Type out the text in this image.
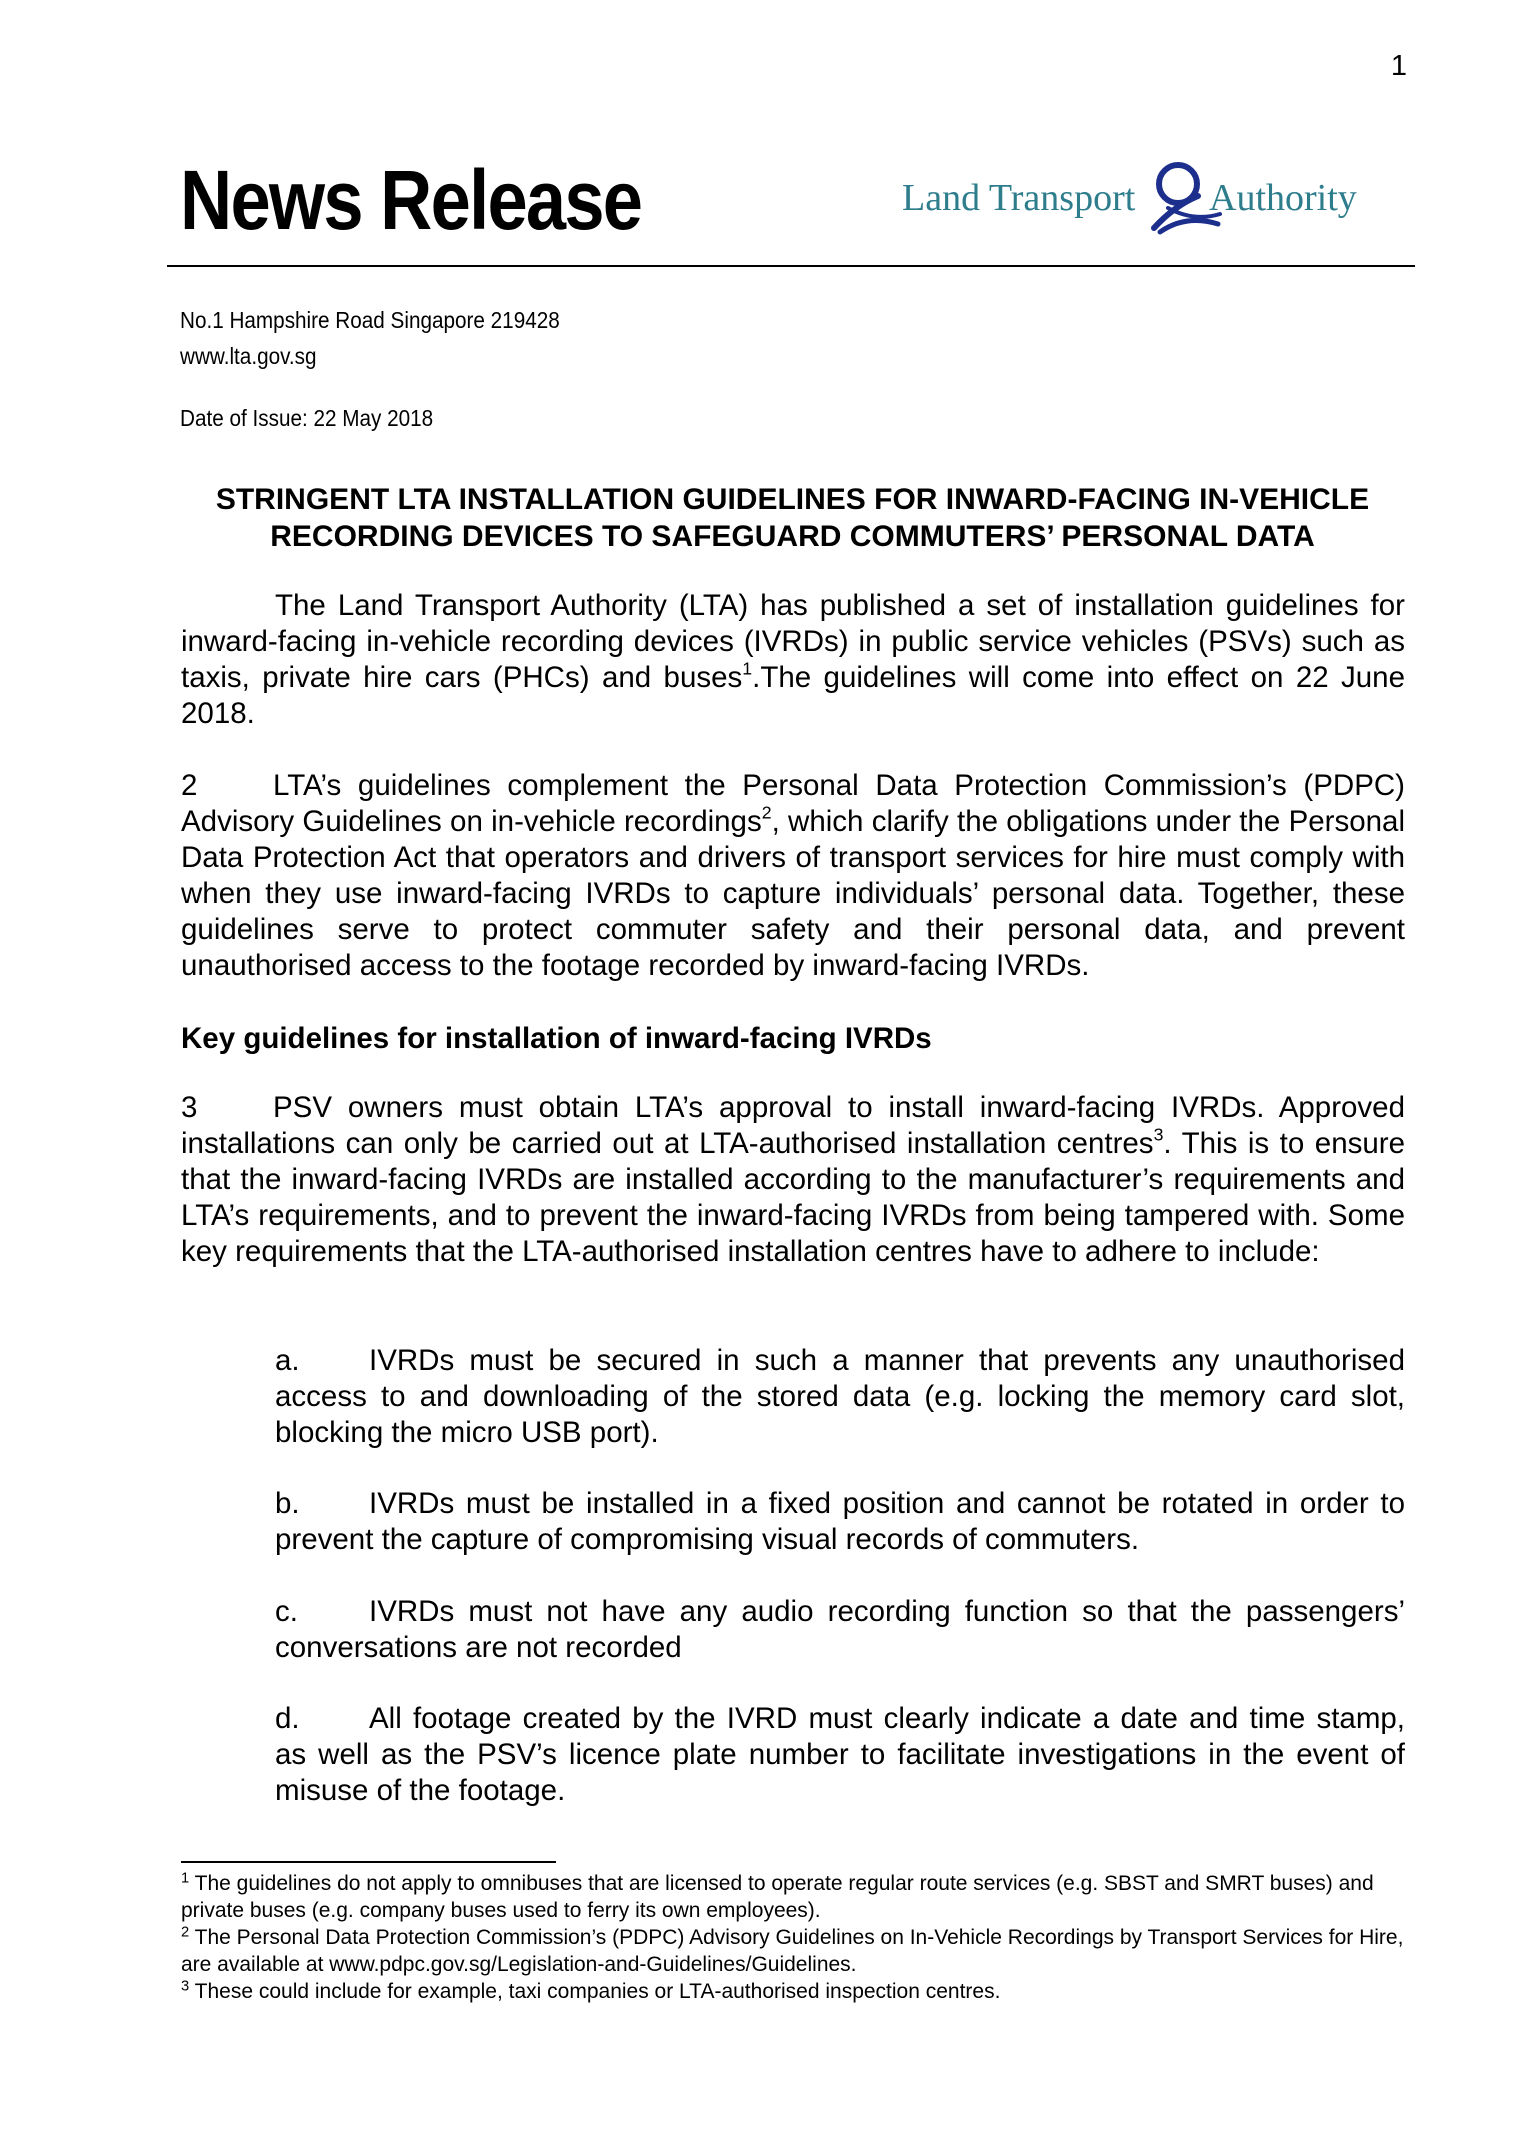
1
News Release	Land Transport Authority
No.1 Hampshire Road Singapore 219428
www.lta.gov.sg
Date of Issue: 22 May 2018
STRINGENT LTA INSTALLATION GUIDELINES FOR INWARD-FACING IN-VEHICLE
RECORDING DEVICES TO SAFEGUARD COMMUTERS’ PERSONAL DATA
The Land Transport Authority (LTA) has published a set of installation guidelines for inward-facing in-vehicle recording devices (IVRDs) in public service vehicles (PSVs) such as taxis, private hire cars (PHCs) and buses$^1$.The guidelines will come into effect on 22 June 2018.
2	LTA’s guidelines complement the Personal Data Protection Commission’s (PDPC) Advisory Guidelines on in-vehicle recordings$^2$, which clarify the obligations under the Personal Data Protection Act that operators and drivers of transport services for hire must comply with when they use inward-facing IVRDs to capture individuals’ personal data. Together, these guidelines serve to protect commuter safety and their personal data, and prevent unauthorised access to the footage recorded by inward-facing IVRDs.
Key guidelines for installation of inward-facing IVRDs
3	PSV owners must obtain LTA’s approval to install inward-facing IVRDs. Approved installations can only be carried out at LTA-authorised installation centres$^3$. This is to ensure that the inward-facing IVRDs are installed according to the manufacturer’s requirements and LTA’s requirements, and to prevent the inward-facing IVRDs from being tampered with. Some key requirements that the LTA-authorised installation centres have to adhere to include:
a. IVRDs must be secured in such a manner that prevents any unauthorised access to and downloading of the stored data (e.g. locking the memory card slot, blocking the micro USB port).
b. IVRDs must be installed in a fixed position and cannot be rotated in order to prevent the capture of compromising visual records of commuters.
c. IVRDs must not have any audio recording function so that the passengers’ conversations are not recorded
d. All footage created by the IVRD must clearly indicate a date and time stamp, as well as the PSV’s licence plate number to facilitate investigations in the event of misuse of the footage.
$^1$ The guidelines do not apply to omnibuses that are licensed to operate regular route services (e.g. SBST and SMRT buses) and private buses (e.g. company buses used to ferry its own employees).
$^2$ The Personal Data Protection Commission’s (PDPC) Advisory Guidelines on In-Vehicle Recordings by Transport Services for Hire, are available at www.pdpc.gov.sg/Legislation-and-Guidelines/Guidelines.
$^3$ These could include for example, taxi companies or LTA-authorised inspection centres.
